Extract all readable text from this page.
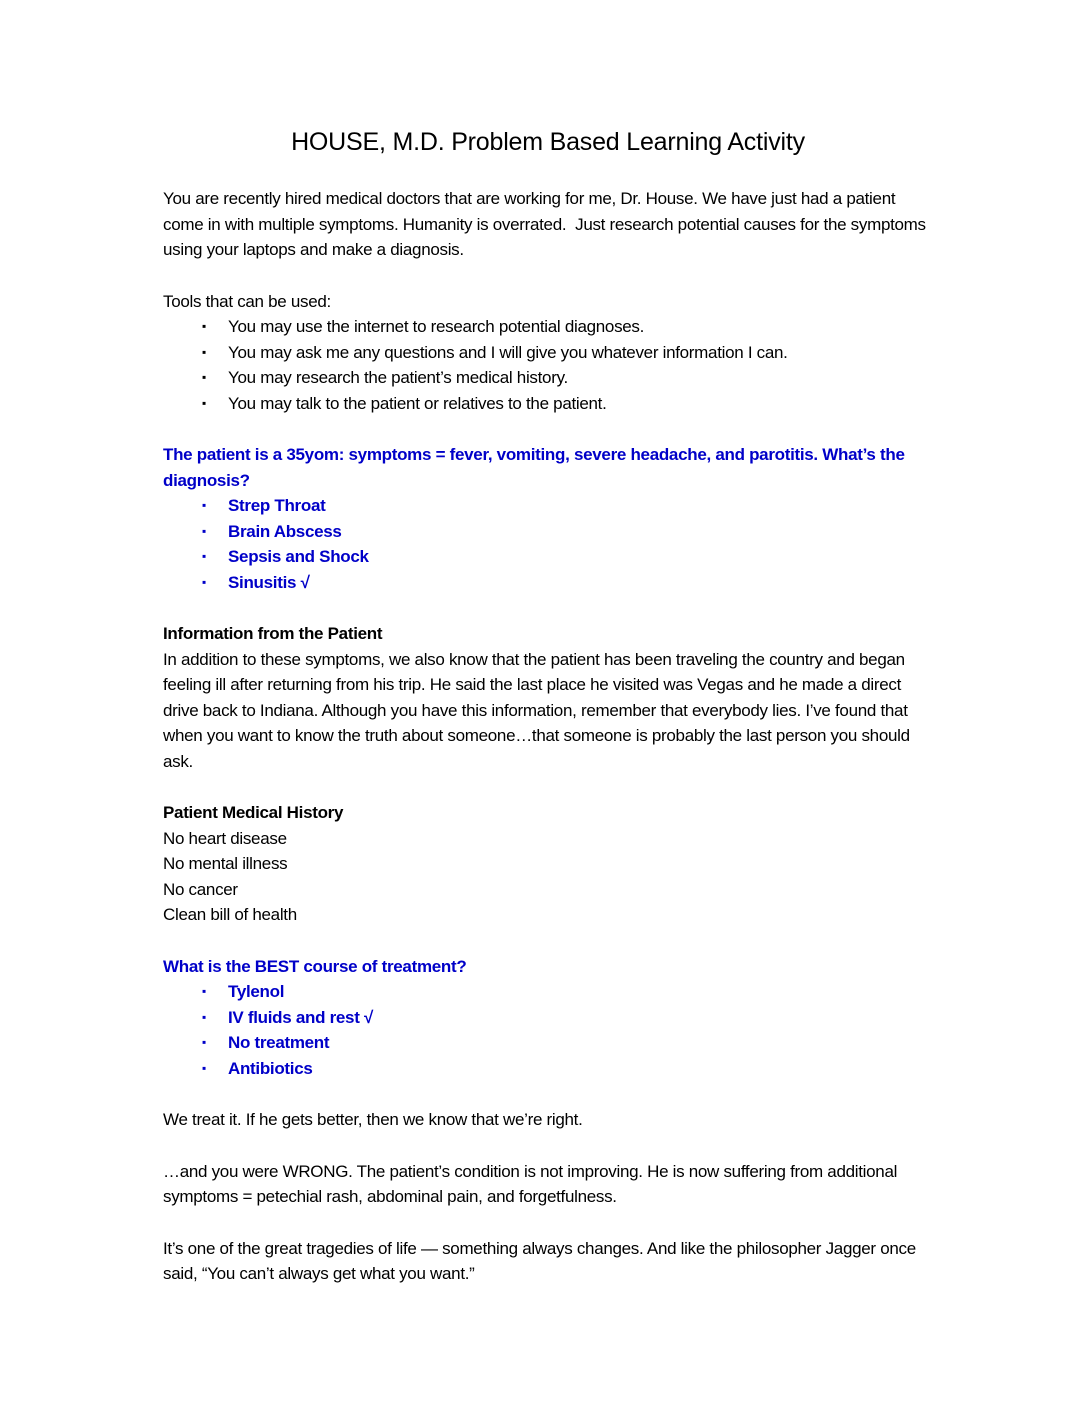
HOUSE, M.D. Problem Based Learning Activity

You are recently hired medical doctors that are working for me, Dr. House. We have just had a patient come in with multiple symptoms. Humanity is overrated.  Just research potential causes for the symptoms using your laptops and make a diagnosis.

Tools that can be used:

▪ You may use the internet to research potential diagnoses.
▪ You may ask me any questions and I will give you whatever information I can.
▪ You may research the patient’s medical history.
▪ You may talk to the patient or relatives to the patient.

The patient is a 35yom: symptoms = fever, vomiting, severe headache, and parotitis. What’s the diagnosis?

▪ Strep Throat
▪ Brain Abscess
▪ Sepsis and Shock
▪ Sinusitis √

Information from the Patient

In addition to these symptoms, we also know that the patient has been traveling the country and began feeling ill after returning from his trip. He said the last place he visited was Vegas and he made a direct drive back to Indiana. Although you have this information, remember that everybody lies. I’ve found that when you want to know the truth about someone…that someone is probably the last person you should ask.

Patient Medical History

No heart disease
No mental illness
No cancer
Clean bill of health

What is the BEST course of treatment?

▪ Tylenol
▪ IV fluids and rest √
▪ No treatment
▪ Antibiotics

We treat it. If he gets better, then we know that we’re right.

…and you were WRONG. The patient’s condition is not improving. He is now suffering from additional symptoms = petechial rash, abdominal pain, and forgetfulness.

It’s one of the great tragedies of life — something always changes. And like the philosopher Jagger once said, “You can’t always get what you want.”
